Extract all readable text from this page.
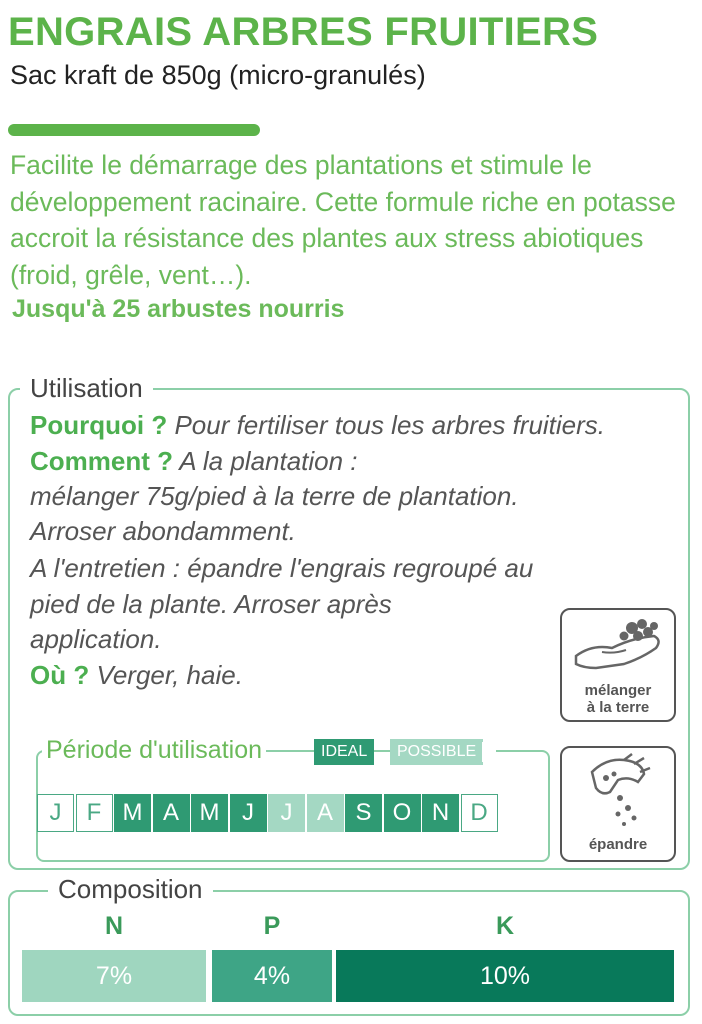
ENGRAIS ARBRES FRUITIERS
Sac kraft de 850g (micro-granulés)
Facilite le démarrage des plantations et stimule le développement racinaire. Cette formule riche en potasse accroit la résistance des plantes aux stress abiotiques (froid, grêle, vent…).
Jusqu'à 25 arbustes nourris
Utilisation
Pourquoi ? Pour fertiliser tous les arbres fruitiers.
Comment ? A la plantation :
mélanger 75g/pied à la terre de plantation.
Arroser abondamment.
A l'entretien : épandre l'engrais regroupé au
pied de la plante. Arroser après
application.
Où ? Verger, haie.
mélanger
à la terre
épandre
Période d'utilisation	IDEAL	POSSIBLE
J	F M A M J	J	A S O N D
Composition
N	P	K
7%	4%	10%
